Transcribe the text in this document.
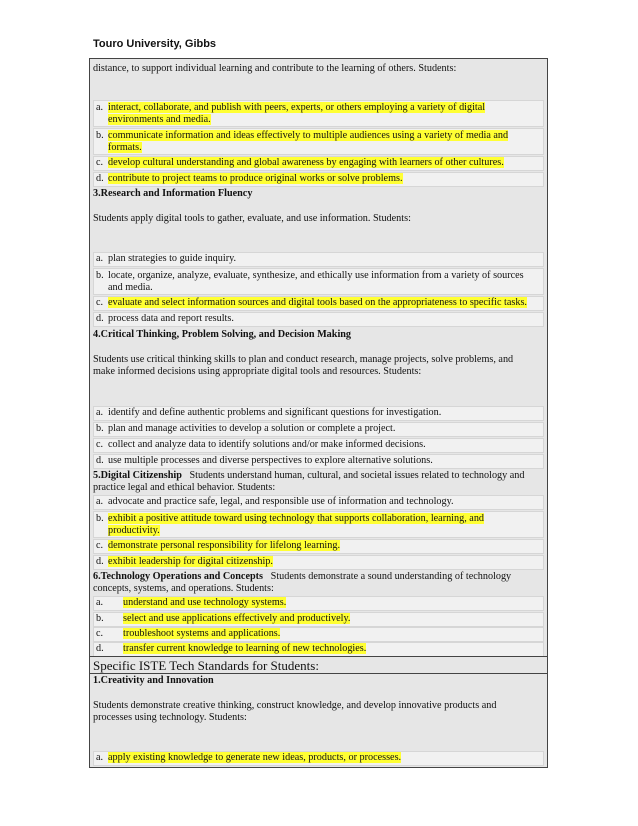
Touro University, Gibbs
distance, to support individual learning and contribute to the learning of others. Students:
a. interact, collaborate, and publish with peers, experts, or others employing a variety of digital
environments and media.
b. communicate information and ideas effectively to multiple audiences using a variety of media and
formats.
c. develop cultural understanding and global awareness by engaging with learners of other cultures.
d. contribute to project teams to produce original works or solve problems.
3.Research and Information Fluency
Students apply digital tools to gather, evaluate, and use information. Students:
a. plan strategies to guide inquiry.
b. locate, organize, analyze, evaluate, synthesize, and ethically use information from a variety of sources
and media.
c. evaluate and select information sources and digital tools based on the appropriateness to specific tasks.
d. process data and report results.
4.Critical Thinking, Problem Solving, and Decision Making
Students use critical thinking skills to plan and conduct research, manage projects, solve problems, and
make informed decisions using appropriate digital tools and resources. Students:
a. identify and define authentic problems and significant questions for investigation.
b. plan and manage activities to develop a solution or complete a project.
c. collect and analyze data to identify solutions and/or make informed decisions.
d. use multiple processes and diverse perspectives to explore alternative solutions.
5.Digital Citizenship Students understand human, cultural, and societal issues related to technology and
practice legal and ethical behavior. Students:
a. advocate and practice safe, legal, and responsible use of information and technology.
b. exhibit a positive attitude toward using technology that supports collaboration, learning, and
productivity.
c. demonstrate personal responsibility for lifelong learning.
d. exhibit leadership for digital citizenship.
6.Technology Operations and Concepts Students demonstrate a sound understanding of technology
concepts, systems, and operations. Students:
a. understand and use technology systems.
b. select and use applications effectively and productively.
c. troubleshoot systems and applications.
d. transfer current knowledge to learning of new technologies.
Specific ISTE Tech Standards for Students:
1.Creativity and Innovation
Students demonstrate creative thinking, construct knowledge, and develop innovative products and
processes using technology. Students:
a. apply existing knowledge to generate new ideas, products, or processes.
